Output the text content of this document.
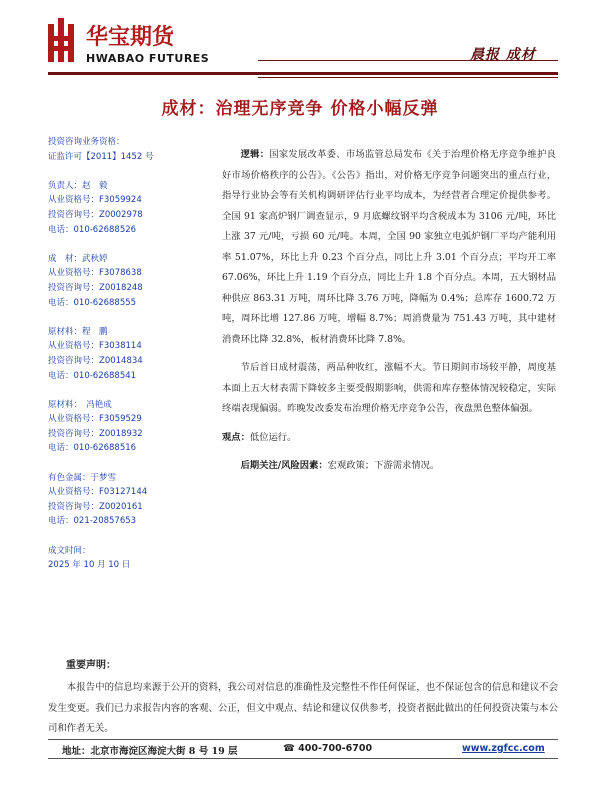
华宝期货
HWABAO FUTURES	晨报 成材
成材：治理无序竞争 价格小幅反弹
投资咨询业务资格：
证监许可【2011】1452 号
负责人：赵　毅
从业资格号：F3059924
投资咨询号：Z0002978
电话：010-62688526
成　材：武秋婷
从业资格号：F3078638
投资咨询号：Z0018248
电话：010-62688555
原材料：程　鹏
从业资格号：F3038114
投资咨询号：Z0014834
电话：010-62688541
原材料：　冯艳成
从业资格号：F3059529
投资咨询号：Z0018932
电话：010-62688516
有色金属：于梦雪
从业资格号：F03127144
投资咨询号：Z0020161
电话：021-20857653
成文时间：
2025 年 10 月 10 日

逻辑：国家发展改革委、市场监管总局发布《关于治理价格无序竞争维护良好市场价格秩序的公告》。《公告》指出，对价格无序竞争问题突出的重点行业，指导行业协会等有关机构调研评估行业平均成本，为经营者合理定价提供参考。全国 91 家高炉钢厂调查显示，9 月底螺纹钢平均含税成本为 3106 元/吨，环比上涨 37 元/吨，亏损 60 元/吨。本周，全国 90 家独立电弧炉钢厂平均产能利用率 51.07%，环比上升 0.23 个百分点，同比上升 3.01 个百分点；平均开工率 67.06%，环比上升 1.19 个百分点，同比上升 1.8 个百分点。本周，五大钢材品种供应 863.31 万吨，周环比降 3.76 万吨，降幅为 0.4%；总库存 1600.72 万吨，周环比增 127.86 万吨，增幅 8.7%；周消费量为 751.43 万吨，其中建材消费环比降 32.8%，板材消费环比降 7.8%。

节后首日成材震荡，两品种收红，涨幅不大。节日期间市场较平静，周度基本面上五大材表需下降较多主要受假期影响，供需和库存整体情况较稳定，实际终端表现偏弱。昨晚发改委发布治理价格无序竞争公告，夜盘黑色整体偏强。

观点：低位运行。

后期关注/风险因素：宏观政策；下游需求情况。

重要声明：
本报告中的信息均来源于公开的资料，我公司对信息的准确性及完整性不作任何保证，也不保证包含的信息和建议不会发生变更。我们已力求报告内容的客观、公正，但文中观点、结论和建议仅供参考，投资者据此做出的任何投资决策与本公司和作者无关。
地址：北京市海淀区海淀大街 8 号 19 层	☎ 400-700-6700	www.zgfcc.com
